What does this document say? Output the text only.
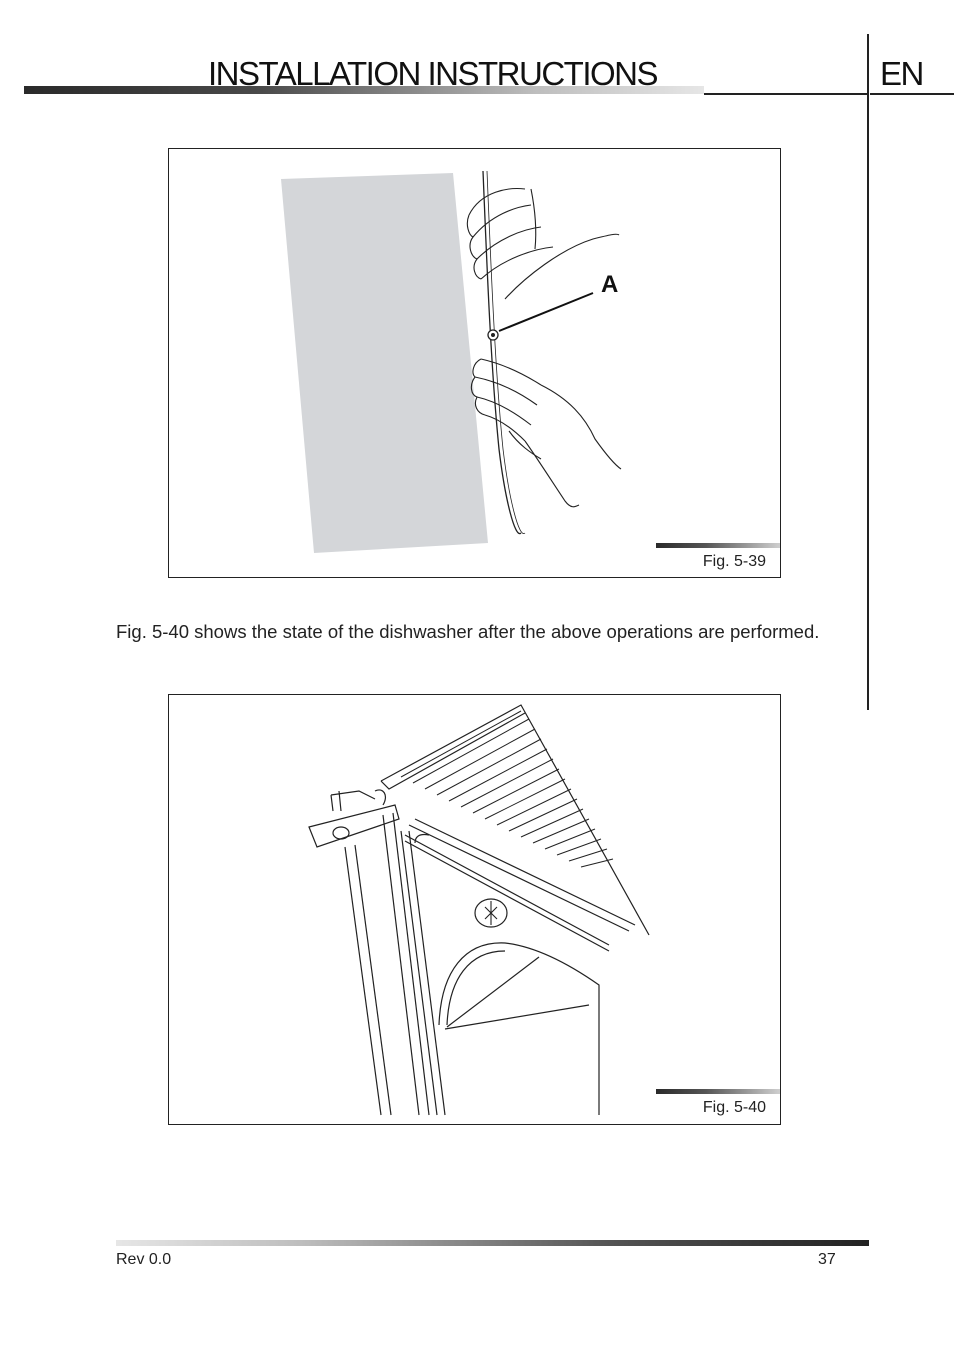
INSTALLATION INSTRUCTIONS	EN
A
Fig. 5-39
Fig. 5-40 shows the state of the dishwasher after the above operations are performed.
Fig. 5-40
Rev 0.0	37
